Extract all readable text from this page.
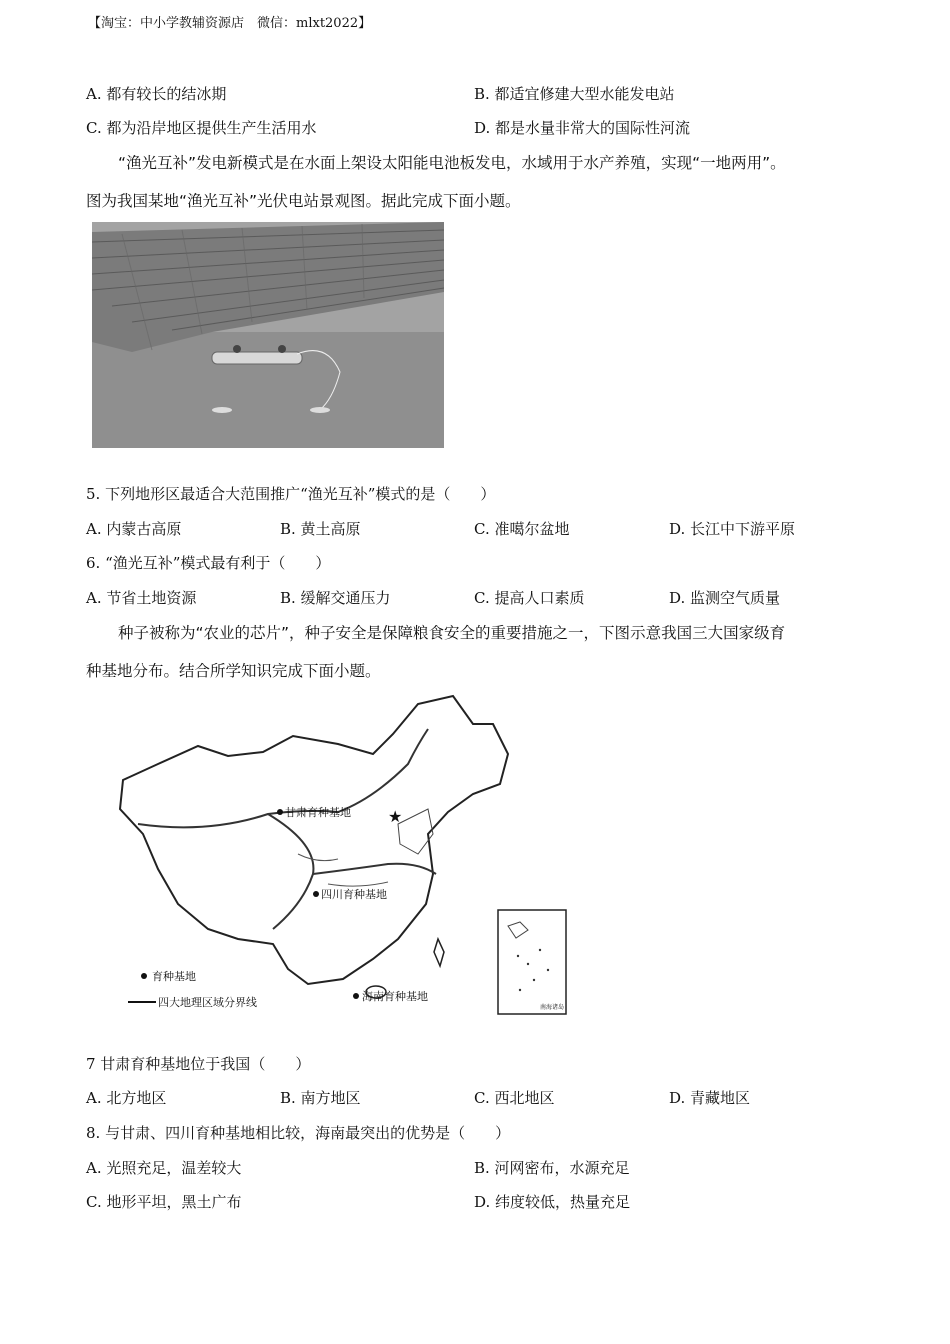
【淘宝：中小学教辅资源店　微信：mlxt2022】
A. 都有较长的结冰期	B. 都适宜修建大型水能发电站
C. 都为沿岸地区提供生产生活用水	D. 都是水量非常大的国际性河流
“渔光互补”发电新模式是在水面上架设太阳能电池板发电，水域用于水产养殖，实现“一地两用”。
图为我国某地“渔光互补”光伏电站景观图。据此完成下面小题。
5. 下列地形区最适合大范围推广“渔光互补”模式的是（　　）
A. 内蒙古高原	B. 黄土高原	C. 准噶尔盆地	D. 长江中下游平原
6. “渔光互补”模式最有利于（　　）
A. 节省土地资源	B. 缓解交通压力	C. 提高人口素质	D. 监测空气质量
种子被称为“农业的芯片”，种子安全是保障粮食安全的重要措施之一，下图示意我国三大国家级育
种基地分布。结合所学知识完成下面小题。
★
甘肃育种基地
四川育种基地
海南育种基地
育种基地
四大地理区域分界线	南海诸岛
7 甘肃育种基地位于我国（　　）
A. 北方地区	B. 南方地区	C. 西北地区	D. 青藏地区
8. 与甘肃、四川育种基地相比较，海南最突出的优势是（　　）
A. 光照充足，温差较大	B. 河网密布，水源充足
C. 地形平坦，黑土广布	D. 纬度较低，热量充足
